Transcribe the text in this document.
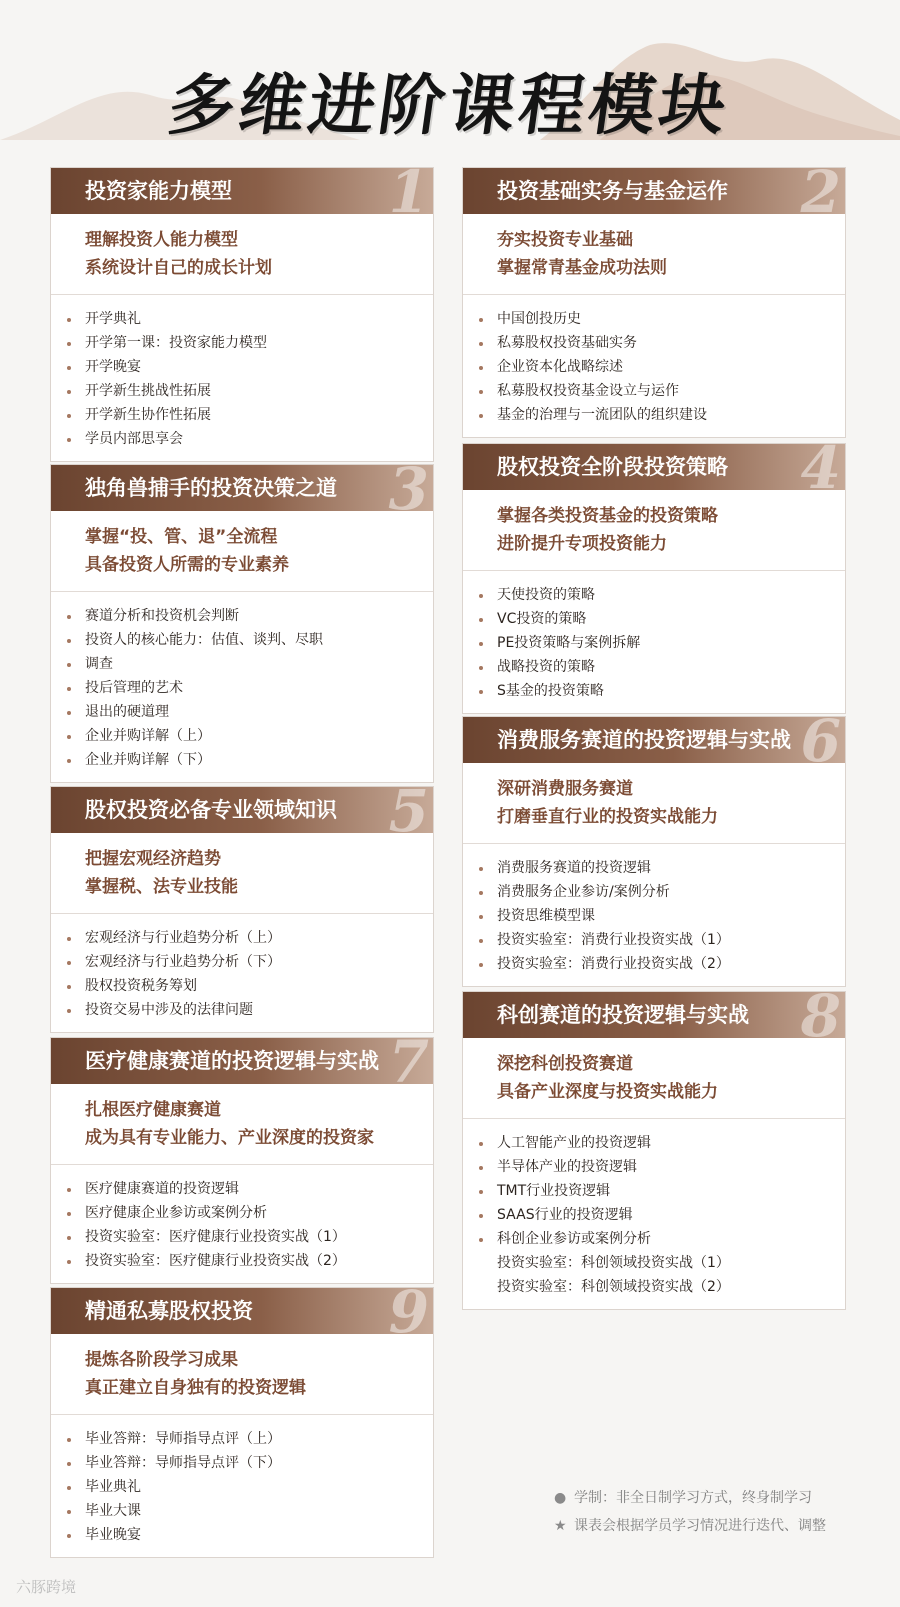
多维进阶课程模块
投资家能力模型	1
理解投资人能力模型
系统设计自己的成长计划
开学典礼
开学第一课：投资家能力模型
开学晚宴
开学新生挑战性拓展
开学新生协作性拓展
学员内部思享会
投资基础实务与基金运作 2
夯实投资专业基础
掌握常青基金成功法则
中国创投历史
私募股权投资基础实务
企业资本化战略综述
私募股权投资基金设立与运作
基金的治理与一流团队的组织建设
独角兽捕手的投资决策之道 3
掌握“投、管、退”全流程
具备投资人所需的专业素养
赛道分析和投资机会判断
投资人的核心能力：估值、谈判、尽职
调查
投后管理的艺术
退出的硬道理
企业并购详解（上）
企业并购详解（下）
股权投资全阶段投资策略 4
掌握各类投资基金的投资策略
进阶提升专项投资能力
天使投资的策略
VC投资的策略
PE投资策略与案例拆解
战略投资的策略
S基金的投资策略
股权投资必备专业领域知识 5
把握宏观经济趋势
掌握税、法专业技能
宏观经济与行业趋势分析（上）
宏观经济与行业趋势分析（下）
股权投资税务筹划
投资交易中涉及的法律问题
消费服务赛道的投资逻辑与实战 6
深研消费服务赛道
打磨垂直行业的投资实战能力
消费服务赛道的投资逻辑
消费服务企业参访/案例分析
投资思维模型课
投资实验室：消费行业投资实战（1）
投资实验室：消费行业投资实战（2）
医疗健康赛道的投资逻辑与实战 7
扎根医疗健康赛道
成为具有专业能力、产业深度的投资家
医疗健康赛道的投资逻辑
医疗健康企业参访或案例分析
投资实验室：医疗健康行业投资实战（1）
投资实验室：医疗健康行业投资实战（2）
科创赛道的投资逻辑与实战 8
深挖科创投资赛道
具备产业深度与投资实战能力
人工智能产业的投资逻辑
半导体产业的投资逻辑
TMT行业投资逻辑
SAAS行业的投资逻辑
科创企业参访或案例分析
投资实验室：科创领域投资实战（1）
投资实验室：科创领域投资实战（2）
精通私募股权投资 9
提炼各阶段学习成果
真正建立自身独有的投资逻辑
毕业答辩：导师指导点评（上）
毕业答辩：导师指导点评（下）
毕业典礼
毕业大课
毕业晚宴
● 学制：非全日制学习方式，终身制学习
★ 课表会根据学员学习情况进行迭代、调整
六豚跨境
